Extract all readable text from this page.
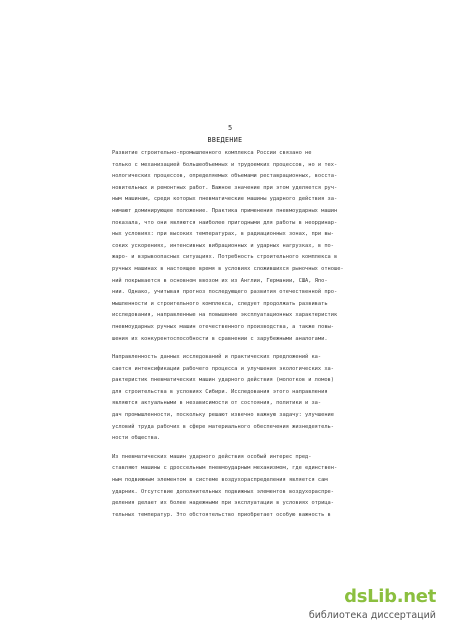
5
ВВЕДЕНИЕ
Развитие строительно-промышленного комплекса России связано не
только с механизацией большеобъемных и трудоемких процессов, но и тех-
нологических процессов, определяемых объемами реставрационных, восста-
новительных и ремонтных работ. Важное значение при этом уделяется руч-
ным машинам, среди которых пневматические машины ударного действия за-
нимают доминирующее положение. Практика применения пневмоударных машин
показала, что они являются наиболее пригодными для работы в неординар-
ных условиях: при высоких температурах, в радиационных зонах, при вы-
соких ускорениях, интенсивных вибрационных и ударных нагрузках, в по-
жаро- и взрывоопасных ситуациях. Потребность строительного комплекса в
ручных машинах в настоящее время в условиях сложившихся рыночных отноше-
ний покрывается в основном ввозом их из Англии, Германии, США, Япо-
нии. Однако, учитывая прогноз последующего развития отечественной про-
мышленности и строительного комплекса, следует продолжать развивать
исследования, направленные на повышение эксплуатационных характеристик
пневмоударных ручных машин отечественного производства, а также повы-
шения их конкурентоспособности в сравнении с зарубежными аналогами.
Направленность данных исследований и практических предложений ка-
сается интенсификации рабочего процесса и улучшения экологических ха-
рактеристик пневматических машин ударного действия (молотков и ломов)
для строительства в условиях Сибири. Исследования этого направления
являются актуальными в независимости от состояния, политики и за-
дач промышленности, поскольку решают извечно важную задачу: улучшение
условий труда рабочих в сфере материального обеспечения жизнедеятель-
ности общества.
Из пневматических машин ударного действия особый интерес пред-
ставляют машины с дроссельным пневмоударным механизмом, где единствен-
ным подвижным элементом в системе воздухораспределения является сам
ударник. Отсутствие дополнительных подвижных элементов воздухораспре-
деления делает их более надежными при эксплуатации в условиях отрица-
тельных температур. Это обстоятельство приобретает особую важность в
dsLib.net
библиотека диссертаций
